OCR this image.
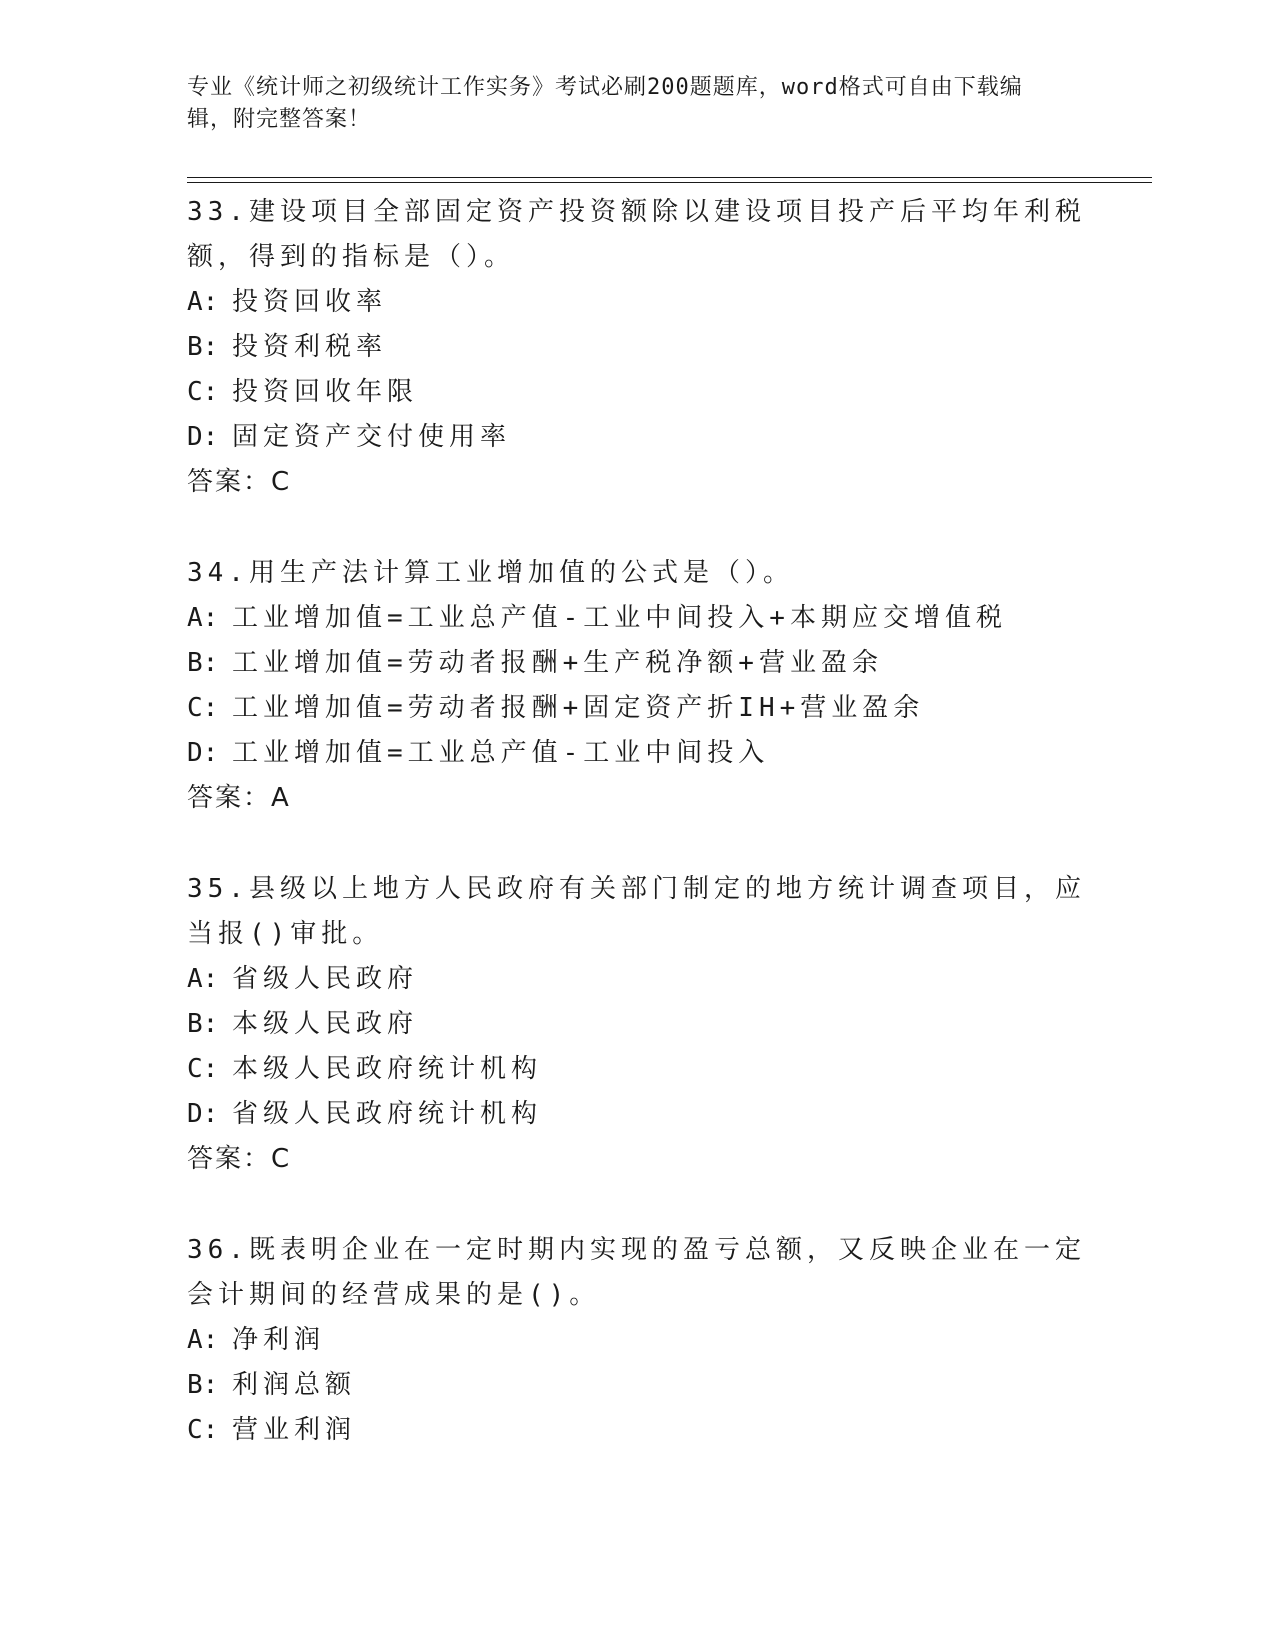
专业《统计师之初级统计工作实务》考试必刷200题题库，word格式可自由下载编辑，附完整答案！

33.建设项目全部固定资产投资额除以建设项目投产后平均年利税额，得到的指标是（）。

A: 投资回收率

B: 投资利税率

C: 投资回收年限

D: 固定资产交付使用率

答案：C

34.用生产法计算工业增加值的公式是（）。

A: 工业增加值=工业总产值-工业中间投入+本期应交增值税

B: 工业增加值=劳动者报酬+生产税净额+营业盈余

C: 工业增加值=劳动者报酬+固定资产折IH+营业盈余

D: 工业增加值=工业总产值-工业中间投入

答案：A

35.县级以上地方人民政府有关部门制定的地方统计调查项目，应当报()审批。

A: 省级人民政府

B: 本级人民政府

C: 本级人民政府统计机构

D: 省级人民政府统计机构

答案：C

36.既表明企业在一定时期内实现的盈亏总额，又反映企业在一定会计期间的经营成果的是()。

A: 净利润

B: 利润总额

C: 营业利润
